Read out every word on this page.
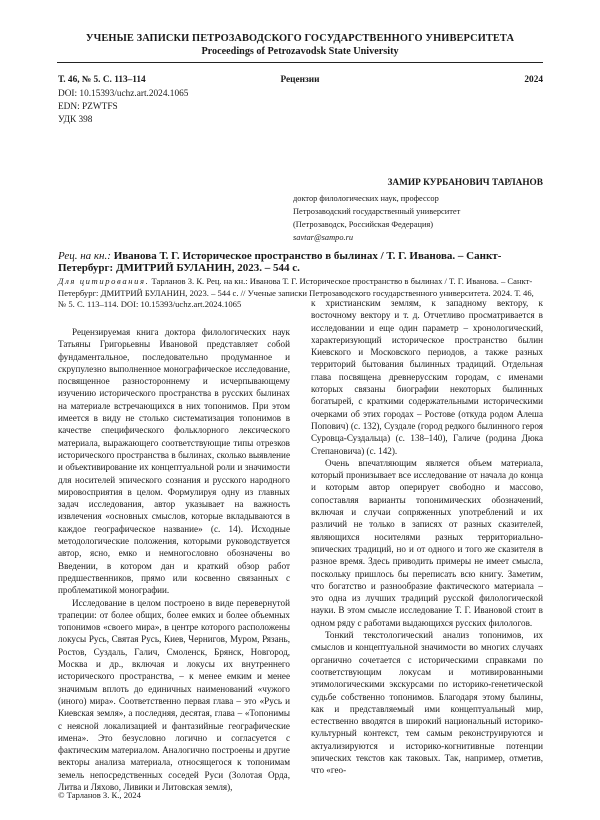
УЧЕНЫЕ ЗАПИСКИ ПЕТРОЗАВОДСКОГО ГОСУДАРСТВЕННОГО УНИВЕРСИТЕТА
Proceedings of Petrozavodsk State University
Т. 46, № 5. С. 113–114	Рецензии	2024
DOI: 10.15393/uchz.art.2024.1065
EDN: PZWTFS
УДК 398
ЗАМИР КУРБАНОВИЧ ТАРЛАНОВ
доктор филологических наук, профессор
Петрозаводский государственный университет
(Петрозаводск, Российская Федерация)
savtar@sampo.ru
Рец. на кн.: Иванова Т. Г. Историческое пространство в былинах / Т. Г. Иванова. – Санкт-
Петербург: ДМИТРИЙ БУЛАНИН, 2023. – 544 с.
Для цитирования. Тарланов З. К. Рец. на кн.: Иванова Т. Г. Историческое пространство в былинах / Т. Г. Иванова. – Санкт-Петербург: ДМИТРИЙ БУЛАНИН, 2023. – 544 с. // Ученые записки Петрозаводского государственного университета. 2024. Т. 46, № 5. С. 113–114. DOI: 10.15393/uchz.art.2024.1065

Рецензируемая книга доктора филологических наук Татьяны Григорьевны Ивановой представляет собой фундаментальное, последовательно продуманное и скрупулезно выполненное монографическое исследование, посвященное разностороннему и исчерпывающему изучению исторического пространства в русских былинах на материале встречающихся в них топонимов. При этом имеется в виду не столько систематизация топонимов в качестве специфического фольклорного лексического материала, выражающего соответствующие типы отрезков исторического пространства в былинах, сколько выявление и объективирование их концептуальной роли и значимости для носителей эпического сознания и русского народного мировосприятия в целом. Формулируя одну из главных задач исследования, автор указывает на важность извлечения «основных смыслов, которые вкладываются в каждое географическое название» (с. 14). Исходные методологические положения, которыми руководствуется автор, ясно, емко и немногословно обозначены во Введении, в котором дан и краткий обзор работ предшественников, прямо или косвенно связанных с проблематикой монографии.

Исследование в целом построено в виде перевернутой трапеции: от более общих, более емких и более объемных топонимов «своего мира», в центре которого расположены локусы Русь, Святая Русь, Киев, Чернигов, Муром, Рязань, Ростов, Суздаль, Галич, Смоленск, Брянск, Новгород, Москва и др., включая и локусы их внутреннего исторического пространства, – к менее емким и менее значимым вплоть до единичных наименований «чужого (иного) мира». Соответственно первая глава – это «Русь и Киевская земля», а последняя, десятая, глава – «Топонимы с неясной локализацией и фантазийные географические имена». Это безусловно логично и согласуется с фактическим материалом. Аналогично построены и другие векторы анализа материала, относящегося к топонимам земель непосредственных соседей Руси (Золотая Орда, Литва и Ляхово, Ливики и Литовская земля),

к христианским землям, к западному вектору, к восточному вектору и т. д. Отчетливо просматривается в исследовании и еще один параметр – хронологический, характеризующий историческое пространство былин Киевского и Московского периодов, а также разных территорий бытования былинных традиций. Отдельная глава посвящена древнерусским городам, с именами которых связаны биографии некоторых былинных богатырей, с краткими содержательными историческими очерками об этих городах – Ростове (откуда родом Алеша Попович) (с. 132), Суздале (город редкого былинного героя Суровца-Суздальца) (с. 138–140), Галиче (родина Дюка Степановича) (с. 142).

Очень впечатляющим является объем материала, который пронизывает все исследование от начала до конца и которым автор оперирует свободно и массово, сопоставляя варианты топонимических обозначений, включая и случаи сопряженных употреблений и их различий не только в записях от разных сказителей, являющихся носителями разных территориально-эпических традиций, но и от одного и того же сказителя в разное время. Здесь приводить примеры не имеет смысла, поскольку пришлось бы переписать всю книгу. Заметим, что богатство и разнообразие фактического материала – это одна из лучших традиций русской филологической науки. В этом смысле исследование Т. Г. Ивановой стоит в одном ряду с работами выдающихся русских филологов.

Тонкий текстологический анализ топонимов, их смыслов и концептуальной значимости во многих случаях органично сочетается с историческими справками по соответствующим локусам и мотивированными этимологическими экскурсами по историко-генетической судьбе собственно топонимов. Благодаря этому былины, как и представляемый ими концептуальный мир, естественно вводятся в широкий национальный историко-культурный контекст, тем самым реконструируются и актуализируются и историко-когнитивные потенции эпических текстов как таковых. Так, например, отметив, что «гео-

© Тарланов З. К., 2024
